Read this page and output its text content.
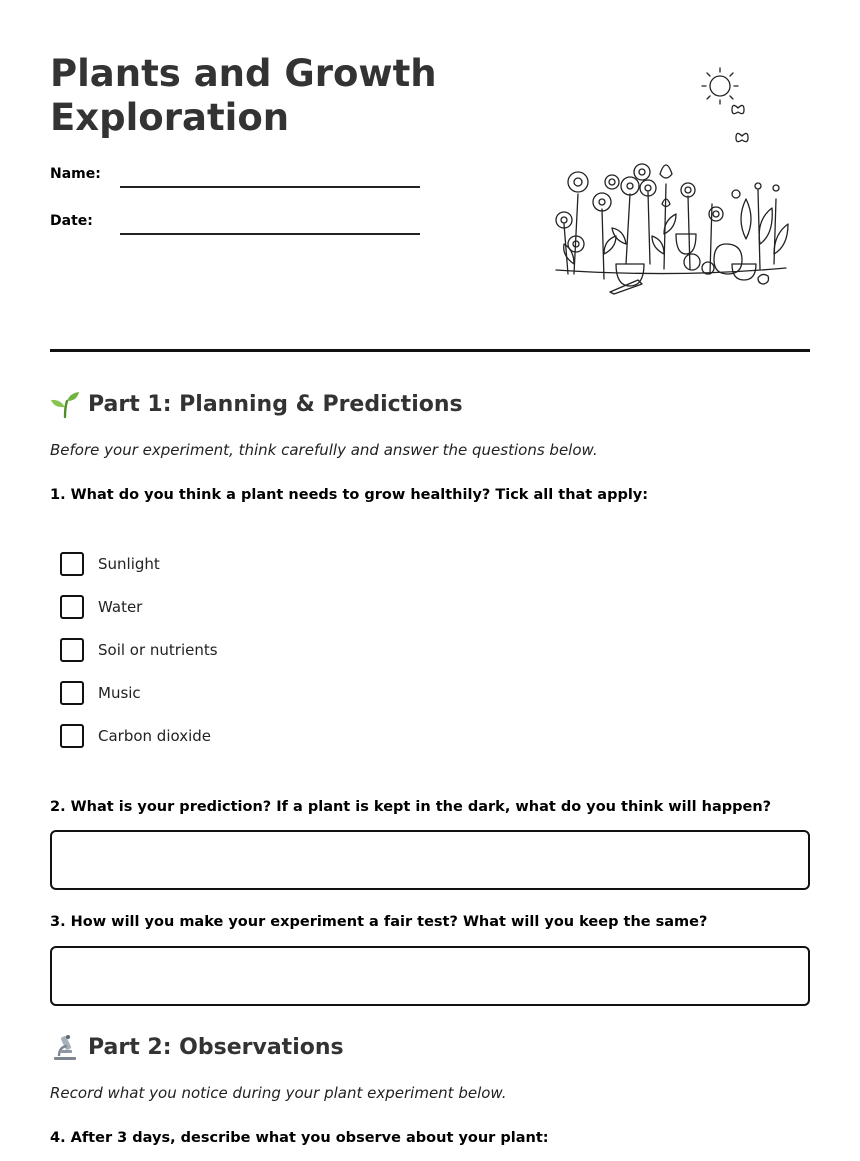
Plants and Growth Exploration
Name:
Date:
Part 1: Planning & Predictions
Before your experiment, think carefully and answer the questions below.
1. What do you think a plant needs to grow healthily? Tick all that apply:
Sunlight
Water
Soil or nutrients
Music
Carbon dioxide
2. What is your prediction? If a plant is kept in the dark, what do you think will happen?
3. How will you make your experiment a fair test? What will you keep the same?
Part 2: Observations
Record what you notice during your plant experiment below.
4. After 3 days, describe what you observe about your plant:
